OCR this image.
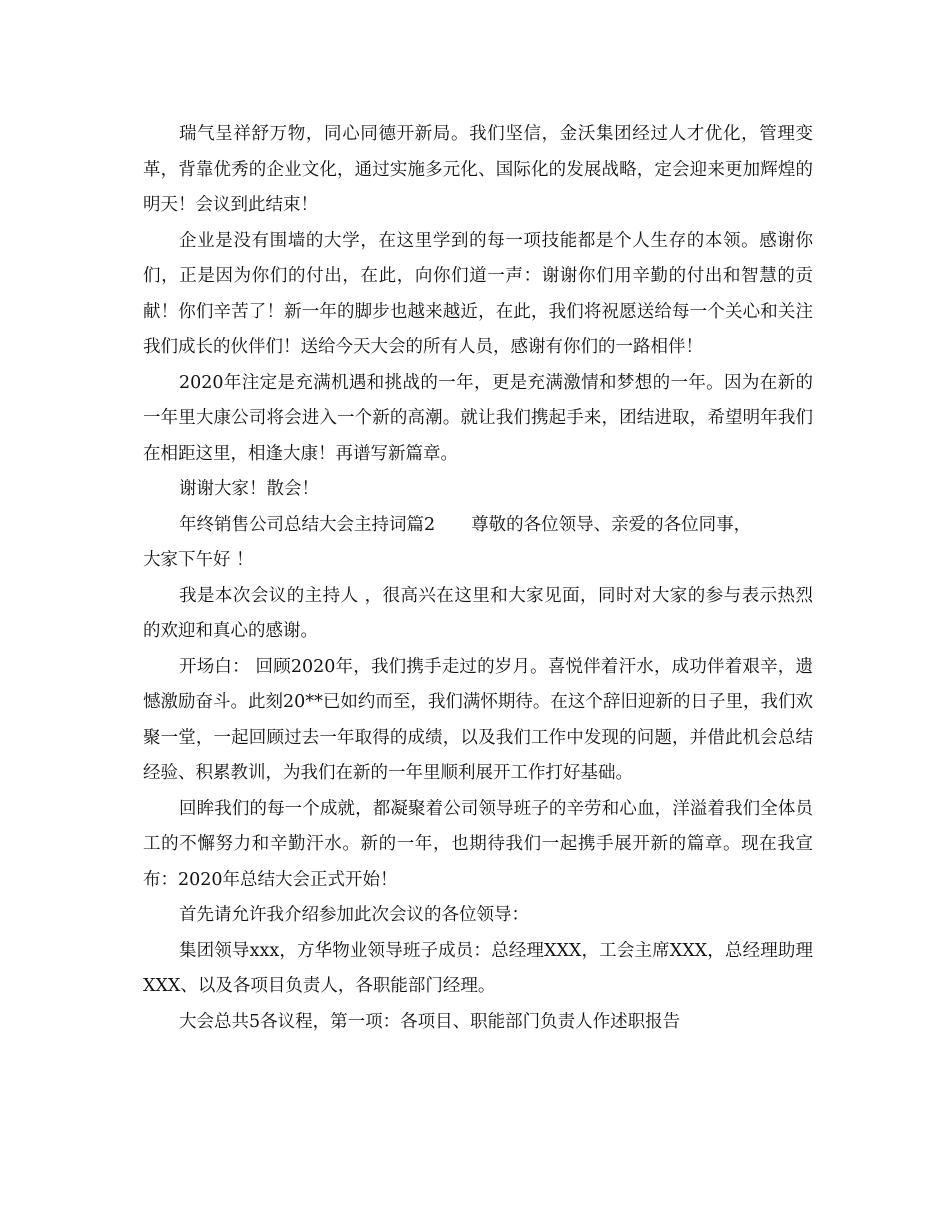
瑞气呈祥舒万物，同心同德开新局。我们坚信，金沃集团经过人才优化，管理变革，背靠优秀的企业文化，通过实施多元化、国际化的发展战略，定会迎来更加辉煌的明天！会议到此结束！

企业是没有围墙的大学，在这里学到的每一项技能都是个人生存的本领。感谢你们，正是因为你们的付出，在此，向你们道一声：谢谢你们用辛勤的付出和智慧的贡献！你们辛苦了！新一年的脚步也越来越近，在此，我们将祝愿送给每一个关心和关注我们成长的伙伴们！送给今天大会的所有人员，感谢有你们的一路相伴！

2020年注定是充满机遇和挑战的一年，更是充满激情和梦想的一年。因为在新的一年里大康公司将会进入一个新的高潮。就让我们携起手来，团结进取，希望明年我们在相距这里，相逢大康！再谱写新篇章。

谢谢大家！散会！

年终销售公司总结大会主持词篇2 尊敬的各位领导、亲爱的各位同事，

大家下午好 ！

我是本次会议的主持人 ，很高兴在这里和大家见面，同时对大家的参与表示热烈的欢迎和真心的感谢。

开场白： 回顾2020年，我们携手走过的岁月。喜悦伴着汗水，成功伴着艰辛，遗憾激励奋斗。此刻20**已如约而至，我们满怀期待。在这个辞旧迎新的日子里，我们欢聚一堂，一起回顾过去一年取得的成绩，以及我们工作中发现的问题，并借此机会总结经验、积累教训，为我们在新的一年里顺利展开工作打好基础。

回眸我们的每一个成就，都凝聚着公司领导班子的辛劳和心血，洋溢着我们全体员工的不懈努力和辛勤汗水。新的一年，也期待我们一起携手展开新的篇章。现在我宣布：2020年总结大会正式开始！

首先请允许我介绍参加此次会议的各位领导：

集团领导xxx，方华物业领导班子成员：总经理XXX，工会主席XXX，总经理助理XXX、以及各项目负责人，各职能部门经理。

大会总共5各议程，第一项：各项目、职能部门负责人作述职报告
